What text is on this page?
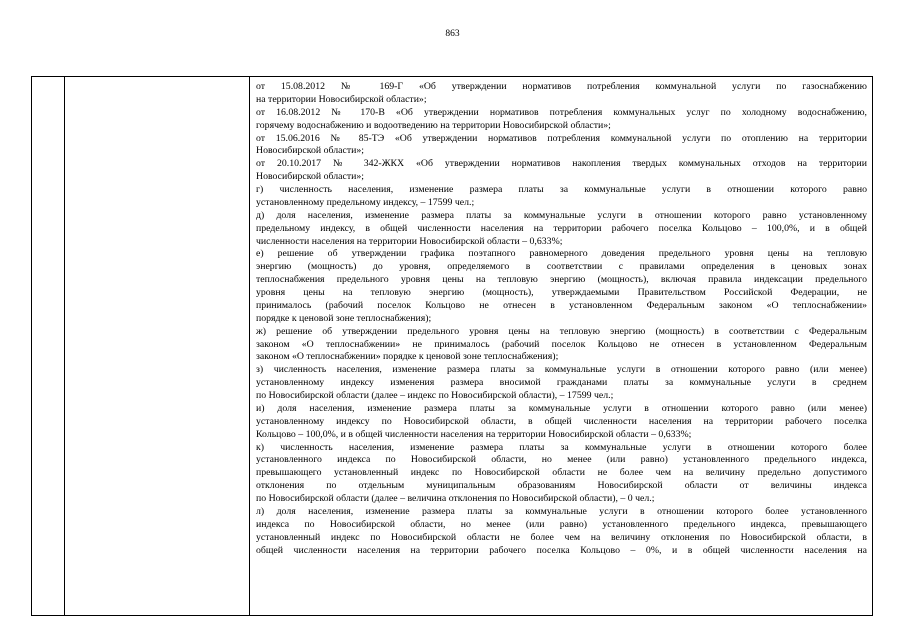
863
от 15.08.2012 № 169-Г «Об утверждении нормативов потребления коммунальной услуги по газоснабжению
на территории Новосибирской области»;
от 16.08.2012 № 170-В «Об утверждении нормативов потребления коммунальных услуг по холодному водоснабжению,
горячему водоснабжению и водоотведению на территории Новосибирской области»;
от 15.06.2016 № 85-ТЭ «Об утверждении нормативов потребления коммунальной услуги по отоплению на территории
Новосибирской области»;
от 20.10.2017 № 342-ЖКХ «Об утверждении нормативов накопления твердых коммунальных отходов на территории
Новосибирской области»;
г) численность населения, изменение размера платы за коммунальные услуги в отношении которого равно
установленному предельному индексу, – 17599 чел.;
д) доля населения, изменение размера платы за коммунальные услуги в отношении которого равно установленному
предельному индексу, в общей численности населения на территории рабочего поселка Кольцово – 100,0%, и в общей
численности населения на территории Новосибирской области – 0,633%;
е) решение об утверждении графика поэтапного равномерного доведения предельного уровня цены на тепловую
энергию (мощность) до уровня, определяемого в соответствии с правилами определения в ценовых зонах
теплоснабжения предельного уровня цены на тепловую энергию (мощность), включая правила индексации предельного
уровня цены на тепловую энергию (мощность), утверждаемыми Правительством Российской Федерации, не
принималось (рабочий поселок Кольцово не отнесен в установленном Федеральным законом «О теплоснабжении»
порядке к ценовой зоне теплоснабжения);
ж) решение об утверждении предельного уровня цены на тепловую энергию (мощность) в соответствии с Федеральным
законом «О теплоснабжении» не принималось (рабочий поселок Кольцово не отнесен в установленном Федеральным
законом «О теплоснабжении» порядке к ценовой зоне теплоснабжения);
з) численность населения, изменение размера платы за коммунальные услуги в отношении которого равно (или менее)
установленному индексу изменения размера вносимой гражданами платы за коммунальные услуги в среднем
по Новосибирской области (далее – индекс по Новосибирской области), – 17599 чел.;
и) доля населения, изменение размера платы за коммунальные услуги в отношении которого равно (или менее)
установленному индексу по Новосибирской области, в общей численности населения на территории рабочего поселка
Кольцово – 100,0%, и в общей численности населения на территории Новосибирской области – 0,633%;
к) численность населения, изменение размера платы за коммунальные услуги в отношении которого более
установленного индекса по Новосибирской области, но менее (или равно) установленного предельного индекса,
превышающего установленный индекс по Новосибирской области не более чем на величину предельно допустимого
отклонения по отдельным муниципальным образованиям Новосибирской области от величины индекса
по Новосибирской области (далее – величина отклонения по Новосибирской области), – 0 чел.;
л) доля населения, изменение размера платы за коммунальные услуги в отношении которого более установленного
индекса по Новосибирской области, но менее (или равно) установленного предельного индекса, превышающего
установленный индекс по Новосибирской области не более чем на величину отклонения по Новосибирской области, в
общей численности населения на территории рабочего поселка Кольцово – 0%, и в общей численности населения на
